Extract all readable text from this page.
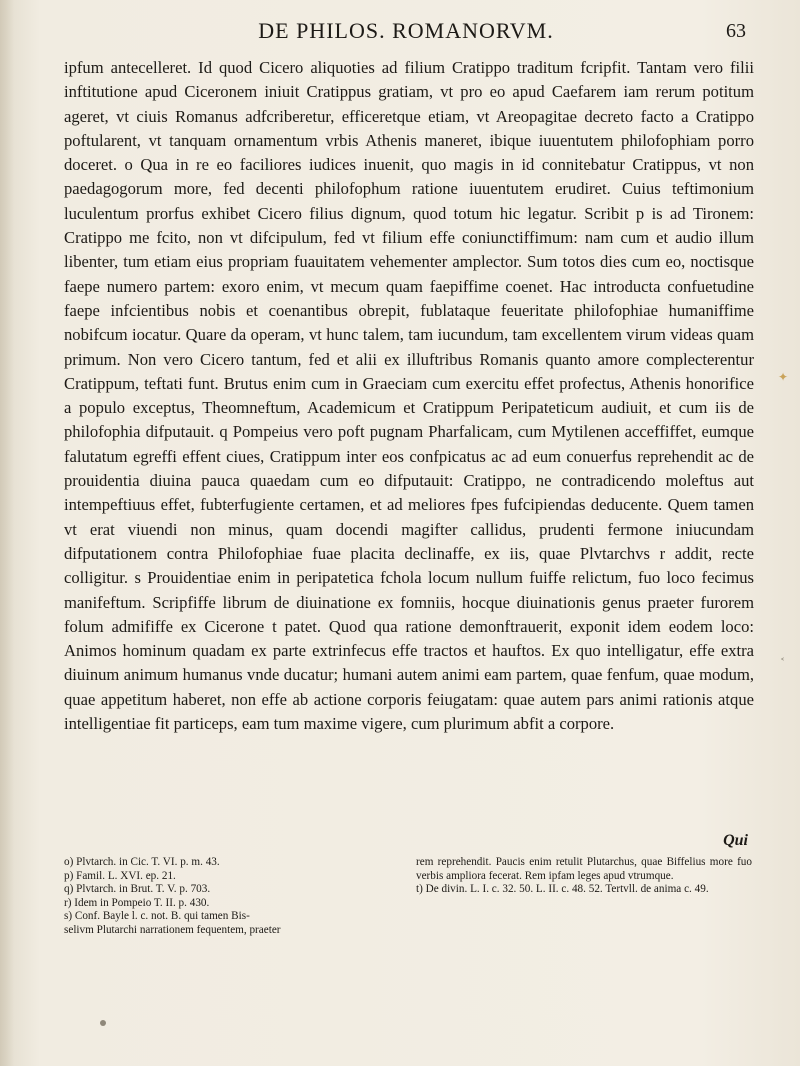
DE PHILOS. ROMANORVM.	63

ipfum antecelleret. Id quod Cicero aliquoties ad filium Cratippo traditum fcripfit. Tantam vero filii inftitutione apud Ciceronem iniuit Cratippus gratiam, vt pro eo apud Caefarem iam rerum potitum ageret, vt ciuis Romanus adfcriberetur, efficeretque etiam, vt Areopagitae decreto facto a Cratippo poftularent, vt tanquam ornamentum vrbis Athenis maneret, ibique iuuentutem philofophiam porro doceret. o Qua in re eo faciliores iudices inuenit, quo magis in id connitebatur Cratippus, vt non paedagogorum more, fed decenti philofophum ratione iuuentutem erudiret. Cuius teftimonium luculentum prorfus exhibet Cicero filius dignum, quod totum hic legatur. Scribit p is ad Tironem: Cratippo me fcito, non vt difcipulum, fed vt filium effe coniunctiffimum: nam cum et audio illum libenter, tum etiam eius propriam fuauitatem vehementer amplector. Sum totos dies cum eo, noctisque faepe numero partem: exoro enim, vt mecum quam faepiffime coenet. Hac introducta confuetudine faepe infcientibus nobis et coenantibus obrepit, fublataque feueritate philofophiae humaniffime nobifcum iocatur. Quare da operam, vt hunc talem, tam iucundum, tam excellentem virum videas quam primum. Non vero Cicero tantum, fed et alii ex illuftribus Romanis quanto amore complecterentur Cratippum, teftati funt. Brutus enim cum in Graeciam cum exercitu effet profectus, Athenis honorifice a populo exceptus, Theomneftum, Academicum et Cratippum Peripateticum audiuit, et cum iis de philofophia difputauit. q Pompeius vero poft pugnam Pharfalicam, cum Mytilenen acceffiffet, eumque falutatum egreffi effent ciues, Cratippum inter eos confpicatus ac ad eum conuerfus reprehendit ac de prouidentia diuina pauca quaedam cum eo difputauit: Cratippo, ne contradicendo moleftus aut intempeftiuus effet, fubterfugiente certamen, et ad meliores fpes fufcipiendas deducente. Quem tamen vt erat viuendi non minus, quam docendi magifter callidus, prudenti fermone iniucundam difputationem contra Philofophiae fuae placita declinaffe, ex iis, quae Plvtarchvs r addit, recte colligitur. s Prouidentiae enim in peripatetica fchola locum nullum fuiffe relictum, fuo loco fecimus manifeftum. Scripfiffe librum de diuinatione ex fomniis, hocque diuinationis genus praeter furorem folum admififfe ex Cicerone t patet. Quod qua ratione demonftrauerit, exponit idem eodem loco: Animos hominum quadam ex parte extrinfecus effe tractos et hauftos. Ex quo intelligatur, effe extra diuinum animum humanus vnde ducatur; humani autem animi eam partem, quae fenfum, quae modum, quae appetitum haberet, non effe ab actione corporis feiugatam: quae autem pars animi rationis atque intelligentiae fit particeps, eam tum maxime vigere, cum plurimum abfit a corpore.

Qui
o) Plvtarch. in Cic. T. VI. p. m. 43.
p) Famil. L. XVI. ep. 21.
q) Plvtarch. in Brut. T. V. p. 703.
r) Idem in Pompeio T. II. p. 430.
s) Conf. Bayle l. c. not. B. qui tamen Bis-
selivm Plutarchi narrationem fequentem, praeter
rem reprehendit. Paucis enim retulit Plutarchus, quae Biffelius more fuo verbis ampliora fecerat. Rem ipfam leges apud vtrumque.
t) De divin. L. I. c. 32. 50. L. II. c. 48. 52. Tertvll. de anima c. 49.
✦
˂
